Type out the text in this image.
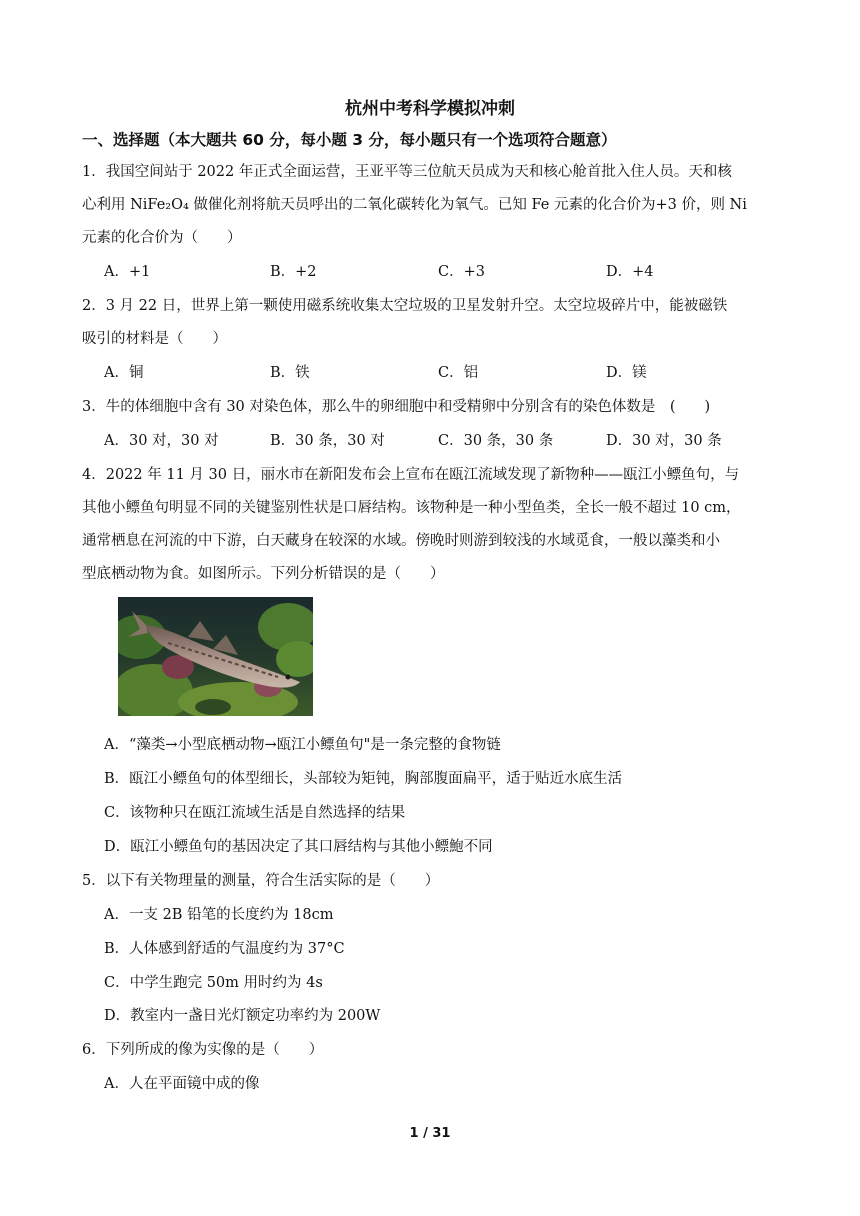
杭州中考科学模拟冲刺
一、选择题（本大题共 60 分，每小题 3 分，每小题只有一个选项符合题意）
1．我国空间站于 2022 年正式全面运营，王亚平等三位航天员成为天和核心舱首批入住人员。天和核
心利用 NiFe₂O₄ 做催化剂将航天员呼出的二氧化碳转化为氧气。已知 Fe 元素的化合价为+3 价，则 Ni
元素的化合价为（　　）
A．+1	B．+2	C．+3	D．+4
2．3 月 22 日，世界上第一颗使用磁系统收集太空垃圾的卫星发射升空。太空垃圾碎片中，能被磁铁
吸引的材料是（　　）
A．铜	B．铁	C．铝	D．镁
3．牛的体细胞中含有 30 对染色体，那么牛的卵细胞中和受精卵中分别含有的染色体数是　(　　)
A．30 对，30 对	B．30 条，30 对	C．30 条，30 条	D．30 对，30 条
4．2022 年 11 月 30 日，丽水市在新阳发布会上宣布在瓯江流域发现了新物种——瓯江小鳔鱼句，与
其他小鳔鱼句明显不同的关键鉴别性状是口唇结构。该物种是一种小型鱼类，全长一般不超过 10 cm，
通常栖息在河流的中下游，白天藏身在较深的水域。傍晚时则游到较浅的水域觅食，一般以藻类和小
型底栖动物为食。如图所示。下列分析错误的是（　　）
A．“藻类→小型底栖动物→瓯江小鳔鱼句"是一条完整的食物链
B．瓯江小鳔鱼句的体型细长，头部较为矩钝，胸部腹面扁平，适于贴近水底生活
C．该物种只在瓯江流域生活是自然选择的结果
D．瓯江小鳔鱼句的基因决定了其口唇结构与其他小鳔鮑不同
5．以下有关物理量的测量，符合生活实际的是（　　）
A．一支 2B 铅笔的长度约为 18cm
B．人体感到舒适的气温度约为 37°C
C．中学生跑完 50m 用时约为 4s
D．教室内一盏日光灯额定功率约为 200W
6．下列所成的像为实像的是（　　）
A．人在平面镜中成的像
1 / 31
